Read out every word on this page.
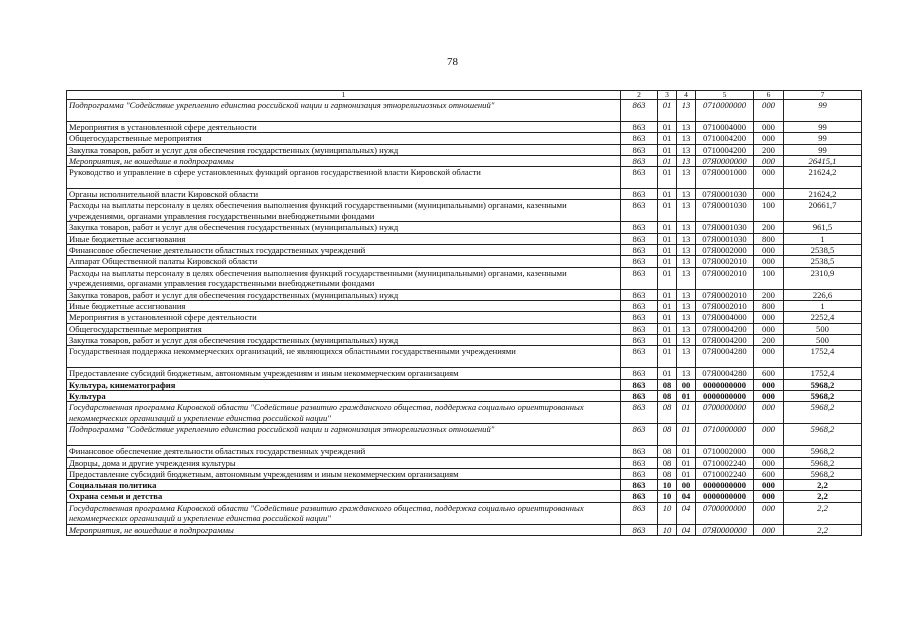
78
1	2	3	4	5	6	7
Подпрограмма "Содействие укреплению единства российской нации и гармонизация этнорелигиозных отношений"	863	01	13	0710000000	000	99
Мероприятия в установленной сфере деятельности	863	01	13	0710004000	000	99
Общегосударственные мероприятия	863	01	13	0710004200	000	99
Закупка товаров, работ и услуг для обеспечения государственных (муниципальных) нужд	863	01	13	0710004200	200	99
Мероприятия, не вошедшие в подпрограммы	863	01	13	07Я0000000	000	26415,1
Руководство и управление в сфере установленных функций органов государственной власти Кировской области	863	01	13	07Я0001000	000	21624,2
Органы исполнительной власти Кировской области	863	01	13	07Я0001030	000	21624,2
Расходы на выплаты персоналу в целях обеспечения выполнения функций государственными (муниципальными) органами, казенными учреждениями, органами управления государственными внебюджетными фондами	863	01	13	07Я0001030	100	20661,7
Закупка товаров, работ и услуг для обеспечения государственных (муниципальных) нужд	863	01	13	07Я0001030	200	961,5
Иные бюджетные ассигнования	863	01	13	07Я0001030	800	1
Финансовое обеспечение деятельности областных государственных учреждений	863	01	13	07Я0002000	000	2538,5
Аппарат Общественной палаты Кировской области	863	01	13	07Я0002010	000	2538,5
Расходы на выплаты персоналу в целях обеспечения выполнения функций государственными (муниципальными) органами, казенными учреждениями, органами управления государственными внебюджетными фондами	863	01	13	07Я0002010	100	2310,9
Закупка товаров, работ и услуг для обеспечения государственных (муниципальных) нужд	863	01	13	07Я0002010	200	226,6
Иные бюджетные ассигнования	863	01	13	07Я0002010	800	1
Мероприятия в установленной сфере деятельности	863	01	13	07Я0004000	000	2252,4
Общегосударственные мероприятия	863	01	13	07Я0004200	000	500
Закупка товаров, работ и услуг для обеспечения государственных (муниципальных) нужд	863	01	13	07Я0004200	200	500
Государственная поддержка некоммерческих организаций, не являющихся областными государственными учреждениями	863	01	13	07Я0004280	000	1752,4
Предоставление субсидий бюджетным, автономным учреждениям и иным некоммерческим организациям	863	01	13	07Я0004280	600	1752,4
Культура, кинематография	863	08	00	0000000000	000	5968,2
Культура	863	08	01	0000000000	000	5968,2
Государственная программа Кировской области "Содействие развитию гражданского общества, поддержка социально ориентированных некоммерческих организаций и укрепление единства российской нации"	863	08	01	0700000000	000	5968,2
Подпрограмма "Содействие укреплению единства российской нации и гармонизация этнорелигиозных отношений"	863	08	01	0710000000	000	5968,2
Финансовое обеспечение деятельности областных государственных учреждений	863	08	01	0710002000	000	5968,2
Дворцы, дома и другие учреждения культуры	863	08	01	0710002240	000	5968,2
Предоставление субсидий бюджетным, автономным учреждениям и иным некоммерческим организациям	863	08	01	0710002240	600	5968,2
Социальная политика	863	10	00	0000000000	000	2,2
Охрана семьи и детства	863	10	04	0000000000	000	2,2
Государственная программа Кировской области "Содействие развитию гражданского общества, поддержка социально ориентированных некоммерческих организаций и укрепление единства российской нации"	863	10	04	0700000000	000	2,2
Мероприятия, не вошедшие в подпрограммы	863	10	04	07Я0000000	000	2,2
